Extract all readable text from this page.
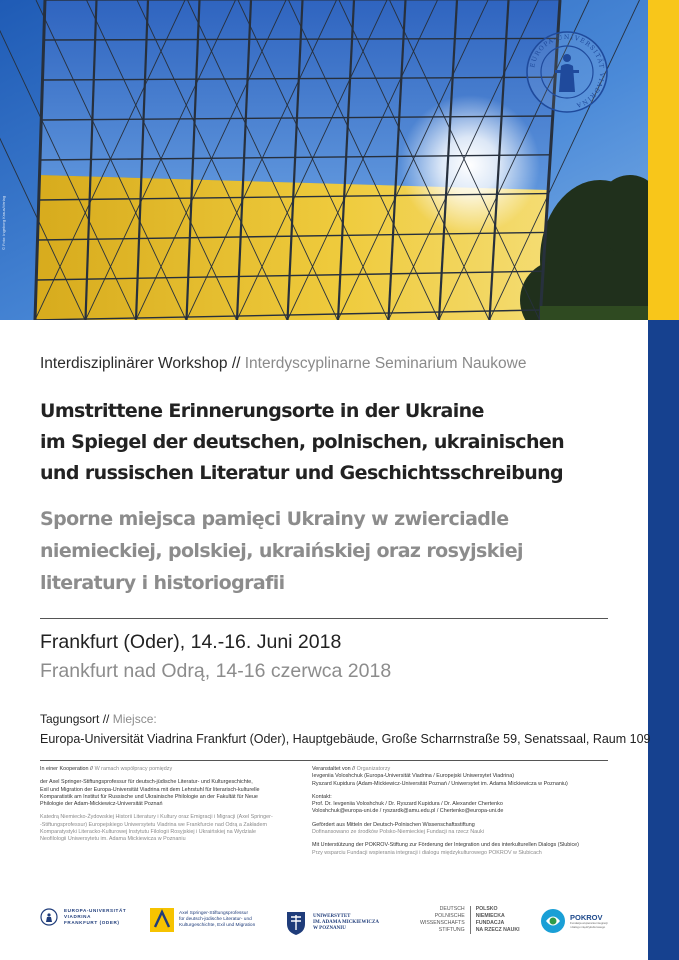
© Foto: Ingeborg Kraus/Verlag
EUROPA-UNIVERSITÄT VIADRINA
Interdisziplinärer Workshop // Interdyscyplinarne Seminarium Naukowe
Umstrittene Erinnerungsorte in der Ukraine
im Spiegel der deutschen, polnischen, ukrainischen
und russischen Literatur und Geschichtsschreibung
Sporne miejsca pamięci Ukrainy w zwierciadle
niemieckiej, polskiej, ukraińskiej oraz rosyjskiej
literatury i historiografii
Frankfurt (Oder), 14.-16. Juni 2018
Frankfurt nad Odrą, 14-16 czerwca 2018
Tagungsort // Miejsce:
Europa-Universität Viadrina Frankfurt (Oder), Hauptgebäude, Große Scharrnstraße 59, Senatssaal, Raum 109

In einer Kooperation // W ramach współpracy pomiędzy

der Axel Springer-Stiftungsprofessur für deutsch-jüdische Literatur- und Kulturgeschichte,

Exil und Migration der Europa-Universität Viadrina mit dem Lehrstuhl für literarisch-kulturelle

Komparatistik am Institut für Russische und Ukrainische Philologie an der Fakultät für Neue

Philologie der Adam-Mickiewicz-Universität Poznań

Katedrą Niemiecko-Żydowskiej Historii Literatury i Kultury oraz Emigracji i Migracji (Axel Springer-

-Stiftungsprofessur) Europejskiego Uniwersytetu Viadrina we Frankfurcie nad Odrą a Zakładem

Komparatystyki Literacko-Kulturowej Instytutu Filologii Rosyjskiej i Ukraińskiej na Wydziale

Neofilologii Uniwersytetu im. Adama Mickiewicza w Poznaniu

Veranstaltet von // Organizatorzy

Ievgeniia Voloshchuk (Europa-Universität Viadrina / Europejski Uniwersytet Viadrina)

Ryszard Kupidura (Adam-Mickiewicz-Universität Poznań / Uniwersytet im. Adama Mickiewicza w Poznaniu)

Kontakt:

Prof. Dr. Ievgeniia Voloshchuk / Dr. Ryszard Kupidura / Dr. Alexander Chertenko

Voloshchuk@europa-uni.de / ryszardk@amu.edu.pl / Chertenko@europa-uni.de

Gefördert aus Mitteln der Deutsch-Polnischen Wissenschaftsstiftung

Dofinansowano ze środków Polsko-Niemieckiej Fundacji na rzecz Nauki

Mit Unterstützung der POKROV-Stiftung zur Förderung der Integration und des interkulturellen Dialogs (Slubice)

Przy wsparciu Fundacji wspierania integracji i dialogu międzykulturowego POKROV w Słubicach

EUROPA-UNIVERSITÄT
VIADRINA
FRANKFURT (ODER)
Axel Springer-Stiftungsprofessur
für deutsch-jüdische Literatur- und
Kulturgeschichte, Exil und Migration
UNIWERSYTET
IM. ADAMA MICKIEWICZA
W POZNANIU
DEUTSCH
POLNISCHE
WISSENSCHAFTS
STIFTUNG
POLSKO
NIEMIECKA
FUNDACJA
NA RZECZ NAUKI
POKROV
Fundacja wspierania integracji
i dialogu międzykulturowego
